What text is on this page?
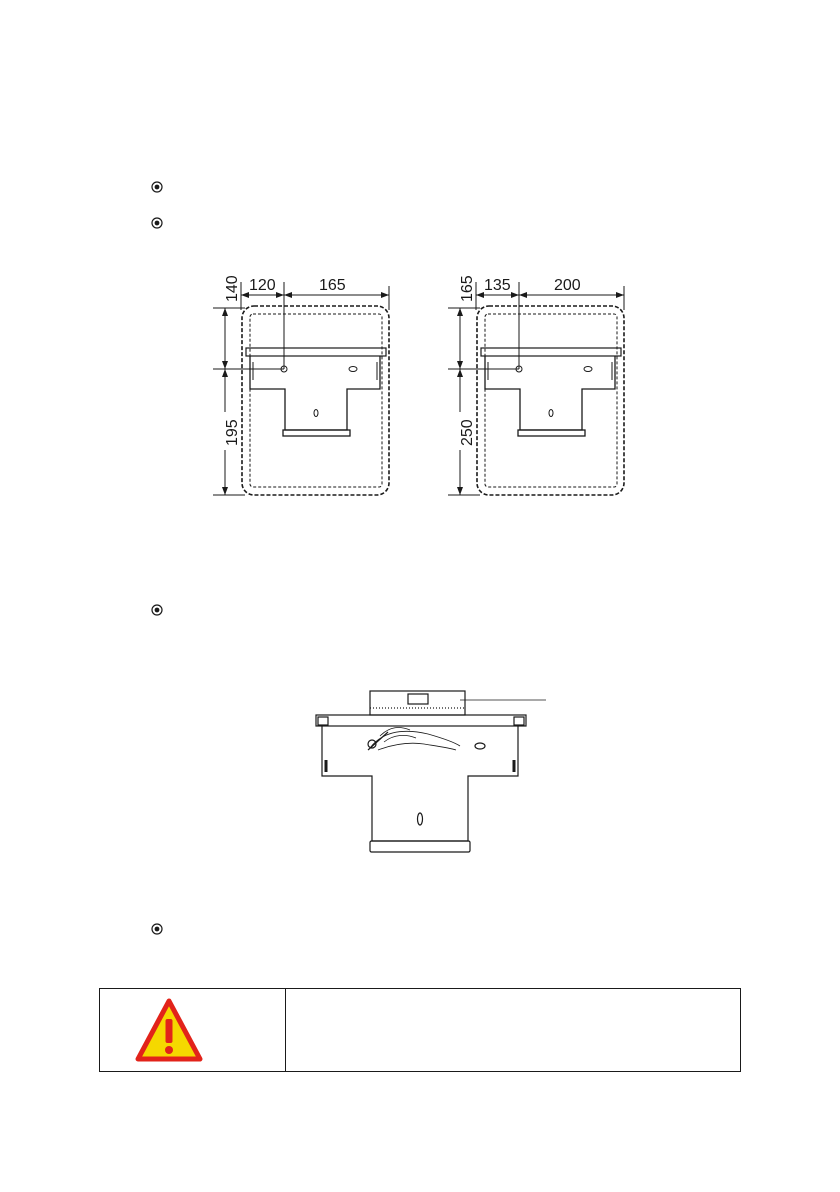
120	165
140
195
135	200
165
250
